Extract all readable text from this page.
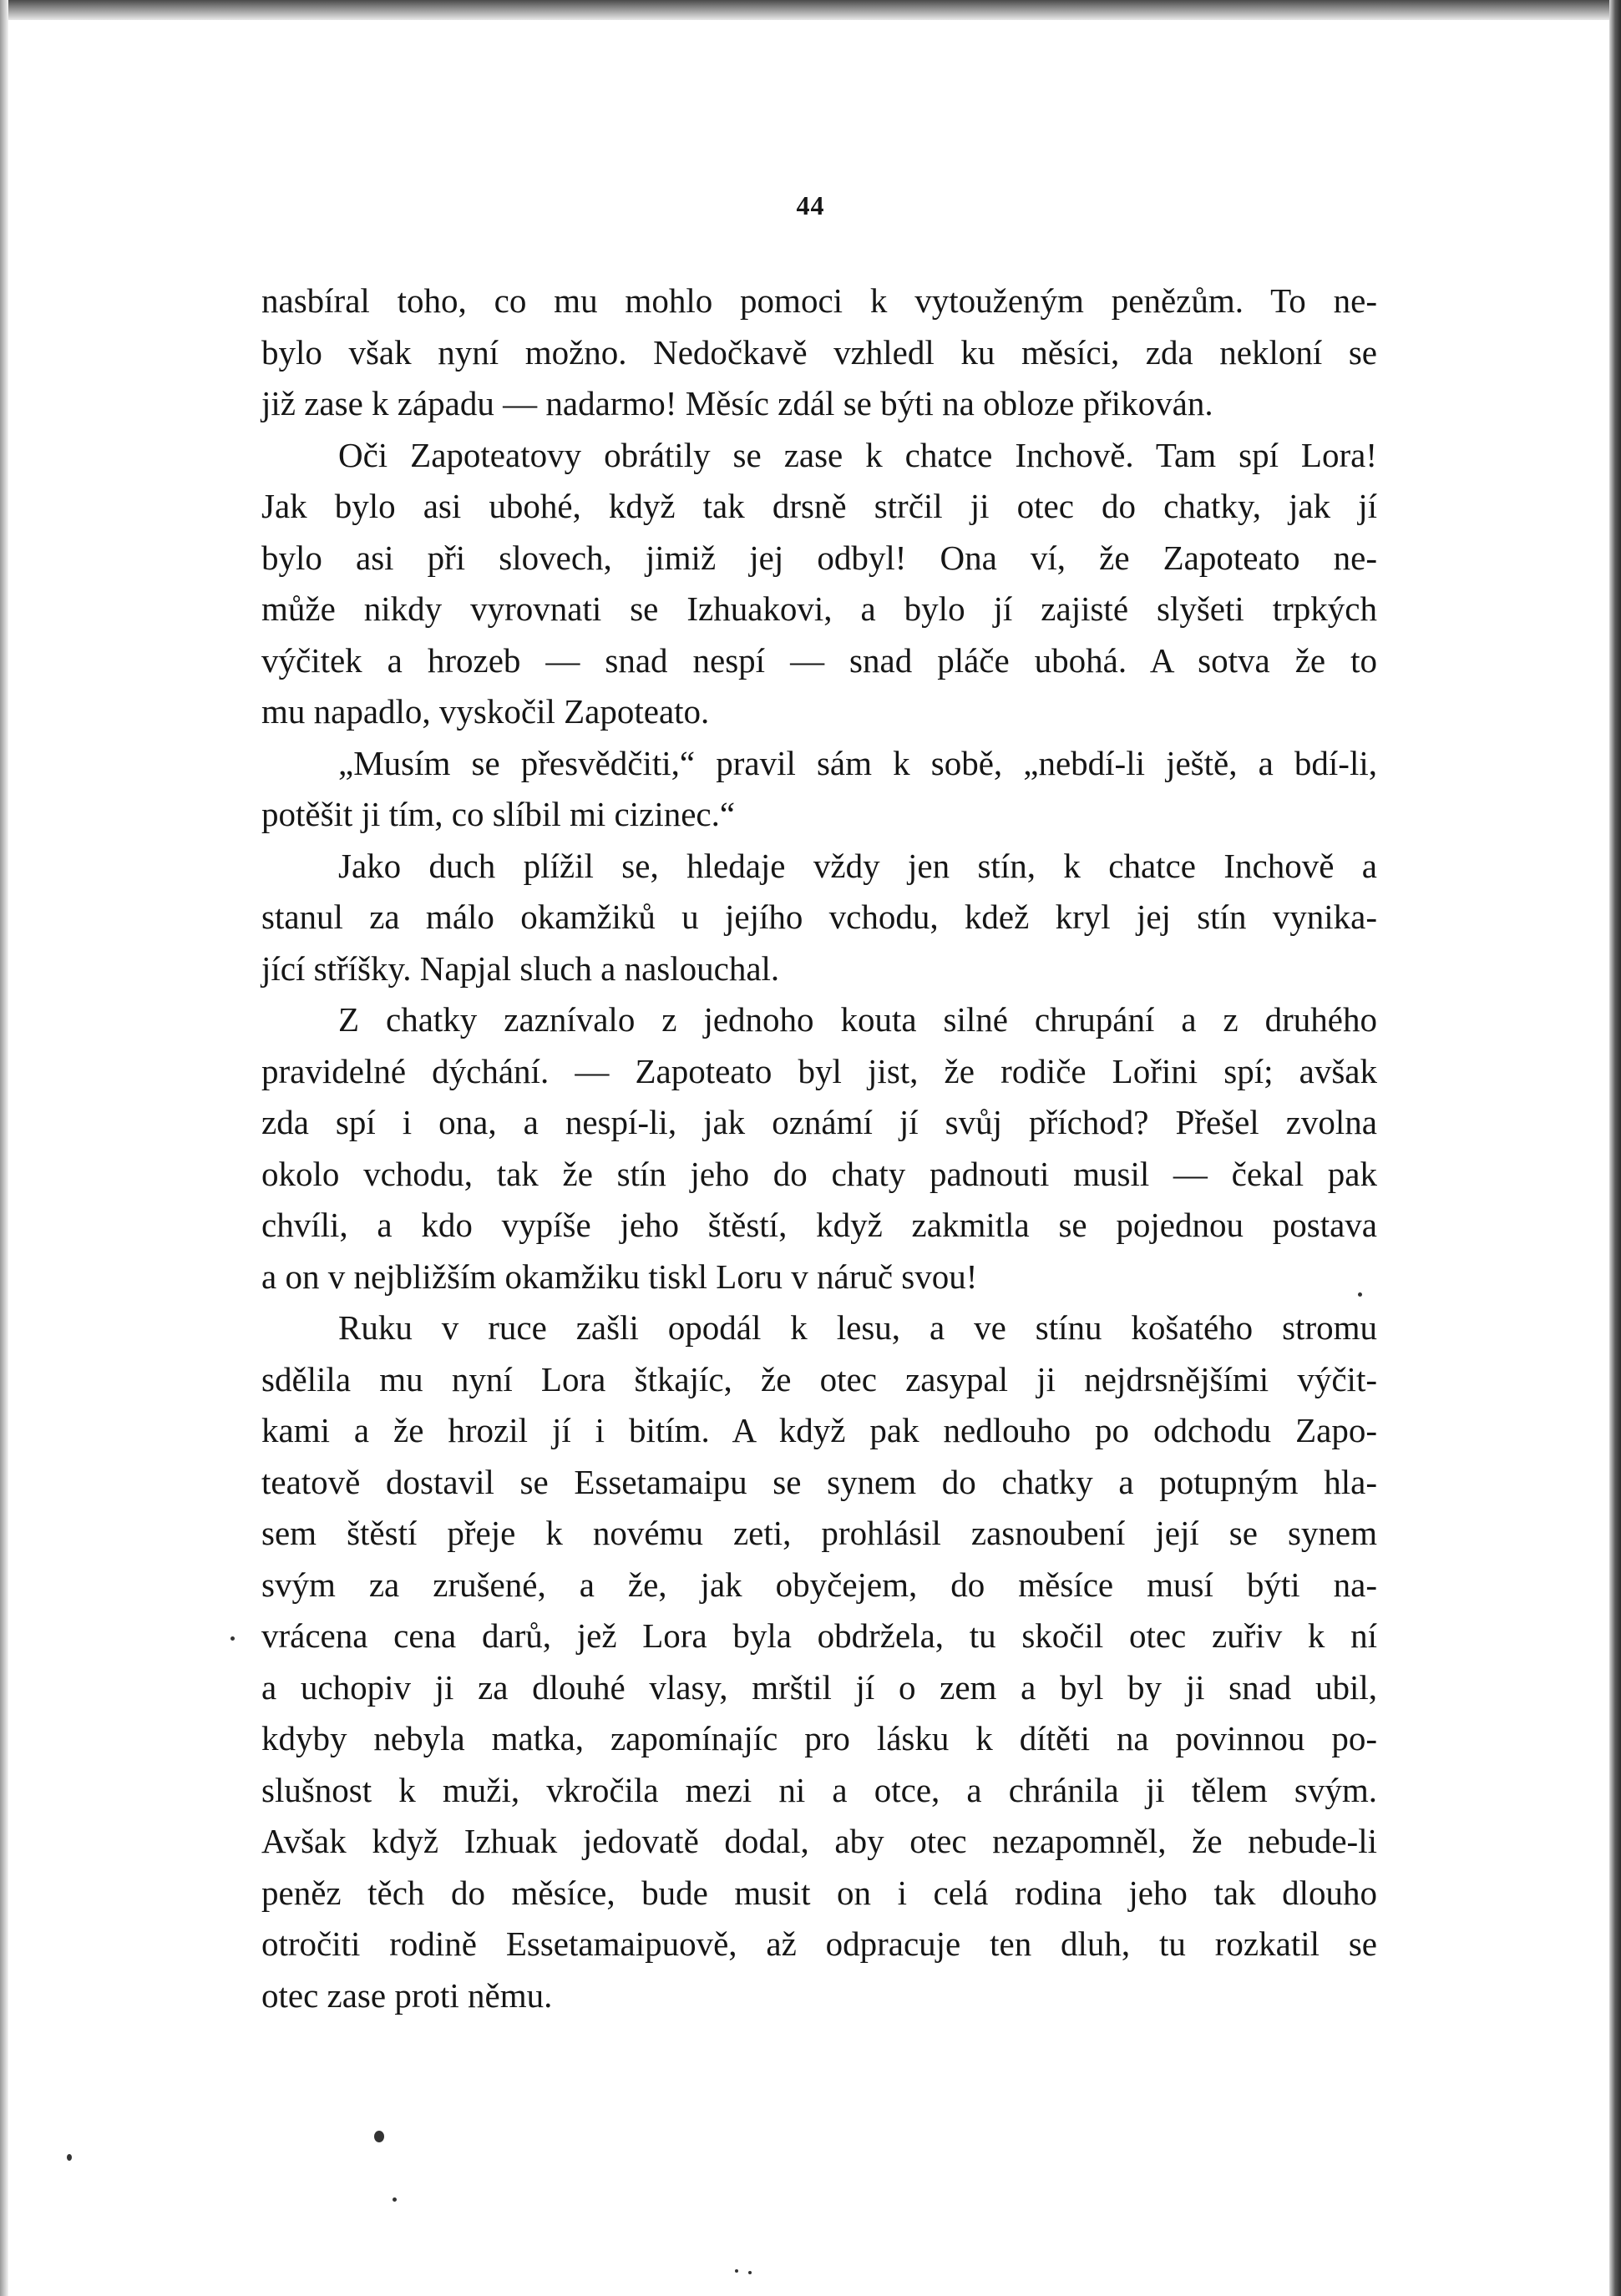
44
nasbíral toho, co mu mohlo pomoci k vytouženým penězům. To ne-
bylo však nyní možno. Nedočkavě vzhledl ku měsíci, zda nekloní se
již zase k západu — nadarmo! Měsíc zdál se býti na obloze přikován.
Oči Zapoteatovy obrátily se zase k chatce Inchově. Tam spí Lora!
Jak bylo asi ubohé, když tak drsně strčil ji otec do chatky, jak jí
bylo asi při slovech, jimiž jej odbyl! Ona ví, že Zapoteato ne-
může nikdy vyrovnati se Izhuakovi, a bylo jí zajisté slyšeti trpkých
výčitek a hrozeb — snad nespí — snad pláče ubohá. A sotva že to
mu napadlo, vyskočil Zapoteato.
„Musím se přesvědčiti,“ pravil sám k sobě, „nebdí-li ještě, a bdí-li,
potěšit ji tím, co slíbil mi cizinec.“
Jako duch plížil se, hledaje vždy jen stín, k chatce Inchově a
stanul za málo okamžiků u jejího vchodu, kdež kryl jej stín vynika-
jící stříšky. Napjal sluch a naslouchal.
Z chatky zaznívalo z jednoho kouta silné chrupání a z druhého
pravidelné dýchání. — Zapoteato byl jist, že rodiče Lořini spí; avšak
zda spí i ona, a nespí-li, jak oznámí jí svůj příchod? Přešel zvolna
okolo vchodu, tak že stín jeho do chaty padnouti musil — čekal pak
chvíli, a kdo vypíše jeho štěstí, když zakmitla se pojednou postava
a on v nejbližším okamžiku tiskl Loru v náruč svou!
Ruku v ruce zašli opodál k lesu, a ve stínu košatého stromu
sdělila mu nyní Lora štkajíc, že otec zasypal ji nejdrsnějšími výčit-
kami a že hrozil jí i bitím. A když pak nedlouho po odchodu Zapo-
teatově dostavil se Essetamaipu se synem do chatky a potupným hla-
sem štěstí přeje k novému zeti, prohlásil zasnoubení její se synem
svým za zrušené, a že, jak obyčejem, do měsíce musí býti na-
vrácena cena darů, jež Lora byla obdržela, tu skočil otec zuřiv k ní
a uchopiv ji za dlouhé vlasy, mrštil jí o zem a byl by ji snad ubil,
kdyby nebyla matka, zapomínajíc pro lásku k dítěti na povinnou po-
slušnost k muži, vkročila mezi ni a otce, a chránila ji tělem svým.
Avšak když Izhuak jedovatě dodal, aby otec nezapomněl, že nebude-li
peněz těch do měsíce, bude musit on i celá rodina jeho tak dlouho
otročiti rodině Essetamaipuově, až odpracuje ten dluh, tu rozkatil se
otec zase proti němu.
